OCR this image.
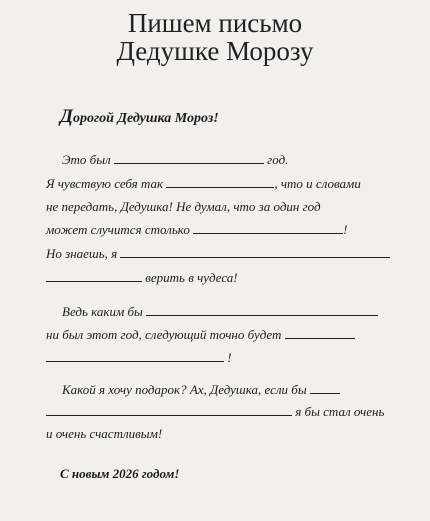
Пишем письмо
Дедушке Морозу
Дорогой Дедушка Мороз!
Это был	год.
Я чувствую себя так	, что и словами
не передать, Дедушка! Не думал, что за один год
может случится столько	!
Но знаешь, я
верить в чудеса!
Ведь каким бы
ни был этот год, следующий точно будет
!
Какой я хочу подарок? Ах, Дедушка, если бы
я бы стал очень
и очень счастливым!
С новым 2026 годом!
